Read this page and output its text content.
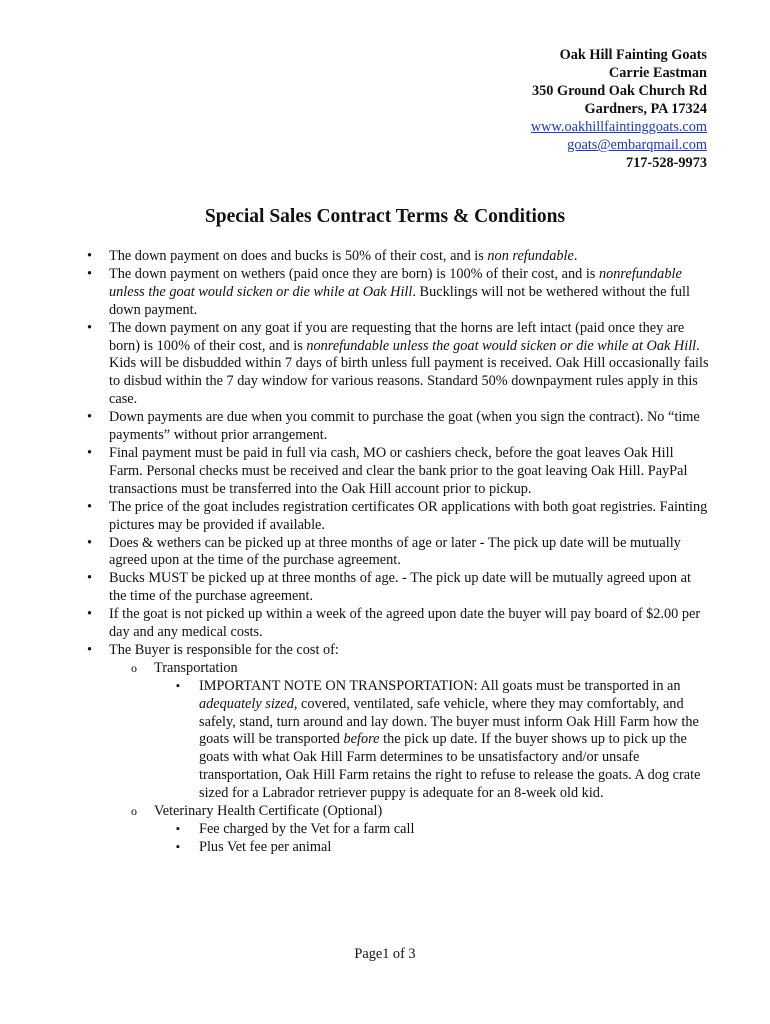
Oak Hill Fainting Goats
Carrie Eastman
350 Ground Oak Church Rd
Gardners, PA 17324
www.oakhillfaintinggoats.com
goats@embarqmail.com
717-528-9973
Special Sales Contract Terms & Conditions
• The down payment on does and bucks is 50% of their cost, and is non refundable.
• The down payment on wethers (paid once they are born) is 100% of their cost, and is nonrefundable unless the goat would sicken or die while at Oak Hill. Bucklings will not be wethered without the full down payment.
• The down payment on any goat if you are requesting that the horns are left intact (paid once they are born) is 100% of their cost, and is nonrefundable unless the goat would sicken or die while at Oak Hill. Kids will be disbudded within 7 days of birth unless full payment is received. Oak Hill occasionally fails to disbud within the 7 day window for various reasons. Standard 50% downpayment rules apply in this case.
• Down payments are due when you commit to purchase the goat (when you sign the contract). No “time payments” without prior arrangement.
• Final payment must be paid in full via cash, MO or cashiers check, before the goat leaves Oak Hill Farm. Personal checks must be received and clear the bank prior to the goat leaving Oak Hill. PayPal transactions must be transferred into the Oak Hill account prior to pickup.
• The price of the goat includes registration certificates OR applications with both goat registries. Fainting pictures may be provided if available.
• Does & wethers can be picked up at three months of age or later - The pick up date will be mutually agreed upon at the time of the purchase agreement.
• Bucks MUST be picked up at three months of age. - The pick up date will be mutually agreed upon at the time of the purchase agreement.
• If the goat is not picked up within a week of the agreed upon date the buyer will pay board of $2.00 per day and any medical costs.
• The Buyer is responsible for the cost of:
o Transportation
▪ IMPORTANT NOTE ON TRANSPORTATION: All goats must be transported in an adequately sized, covered, ventilated, safe vehicle, where they may comfortably, and safely, stand, turn around and lay down. The buyer must inform Oak Hill Farm how the goats will be transported before the pick up date. If the buyer shows up to pick up the goats with what Oak Hill Farm determines to be unsatisfactory and/or unsafe transportation, Oak Hill Farm retains the right to refuse to release the goats. A dog crate sized for a Labrador retriever puppy is adequate for an 8-week old kid.
o Veterinary Health Certificate (Optional)
▪ Fee charged by the Vet for a farm call
▪ Plus Vet fee per animal
Page1 of 3
